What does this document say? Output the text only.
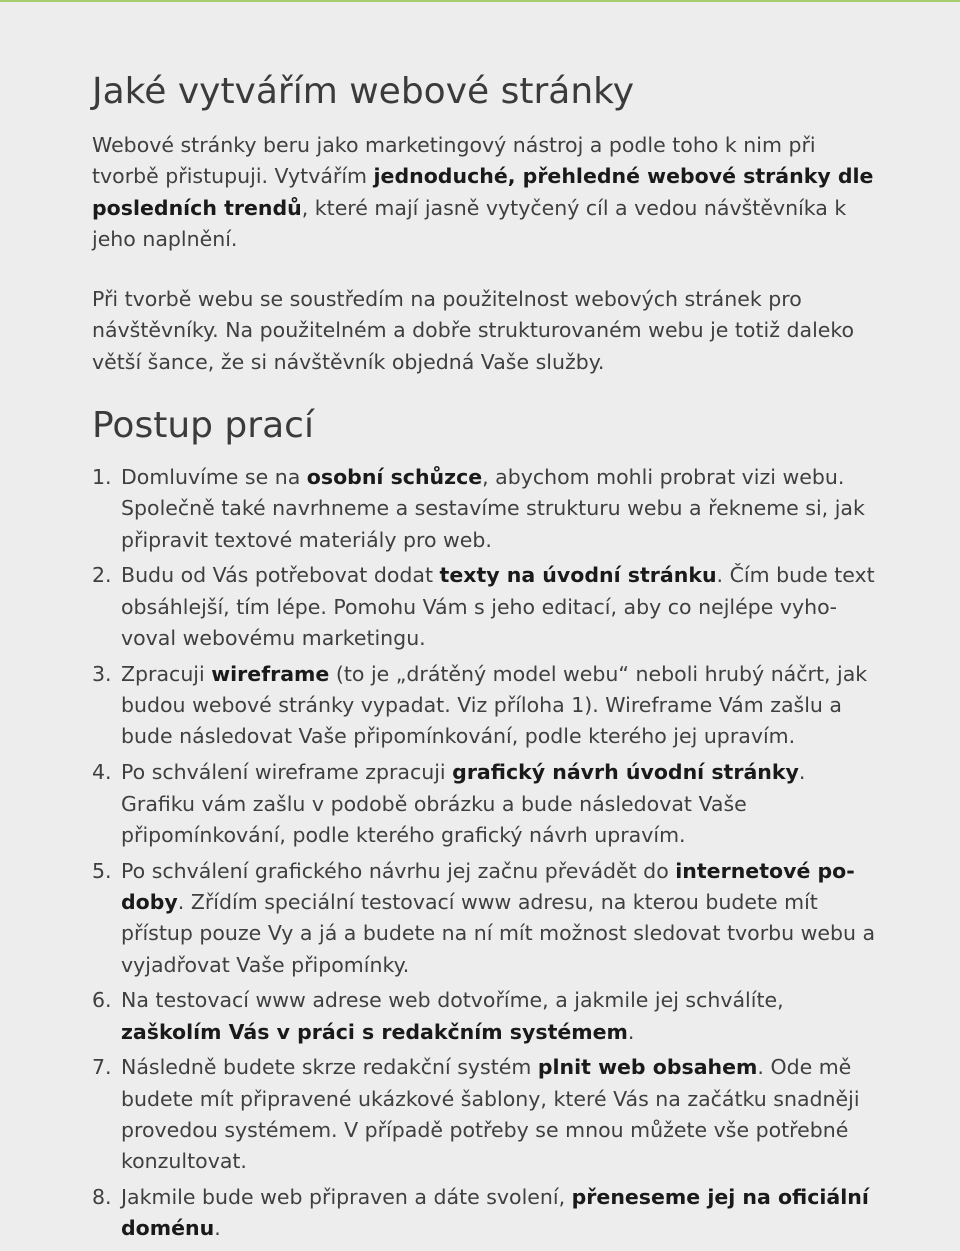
Jaké vytvářím webové stránky

Webové stránky beru jako marketingový nástroj a podle toho k nim při tvorbě přistupuji. Vytvářím jednoduché, přehledné webové stránky dle posledních trendů, které mají jasně vytyčený cíl a vedou návštěvníka k jeho naplnění.

Při tvorbě webu se soustředím na použitelnost webových stránek pro návštěvníky. Na použitelném a dobře strukturovaném webu je totiž daleko větší šance, že si návštěvník objedná Vaše služby.

Postup prací
1. Domluvíme se na osobní schůzce, abychom mohli probrat vizi webu. Společně také navrhneme a sestavíme strukturu webu a řekneme si, jak připravit textové materiály pro web.
2. Budu od Vás potřebovat dodat texty na úvodní stránku. Čím bude text obsáhlejší, tím lépe. Pomohu Vám s jeho editací, aby co nejlépe vyhovoval webovému marketingu.
3. Zpracuji wireframe (to je „drátěný model webu“ neboli hrubý náčrt, jak budou webové stránky vypadat. Viz příloha 1). Wireframe Vám zašlu a bude následovat Vaše připomínkování, podle kterého jej upravím.
4. Po schválení wireframe zpracuji grafický návrh úvodní stránky. Grafiku vám zašlu v podobě obrázku a bude následovat Vaše připomínkování, podle kterého grafický návrh upravím.
5. Po schválení grafického návrhu jej začnu převádět do internetové podoby. Zřídím speciální testovací www adresu, na kterou budete mít přístup pouze Vy a já a budete na ní mít možnost sledovat tvorbu webu a vyjadřovat Vaše připomínky.
6. Na testovací www adrese web dotvoříme, a jakmile jej schválíte, zaškolím Vás v práci s redakčním systémem.
7. Následně budete skrze redakční systém plnit web obsahem. Ode mě budete mít připravené ukázkové šablony, které Vás na začátku snadněji provedou systémem. V případě potřeby se mnou můžete vše potřebné konzultovat.
8. Jakmile bude web připraven a dáte svolení, přeneseme jej na oficiální doménu.
